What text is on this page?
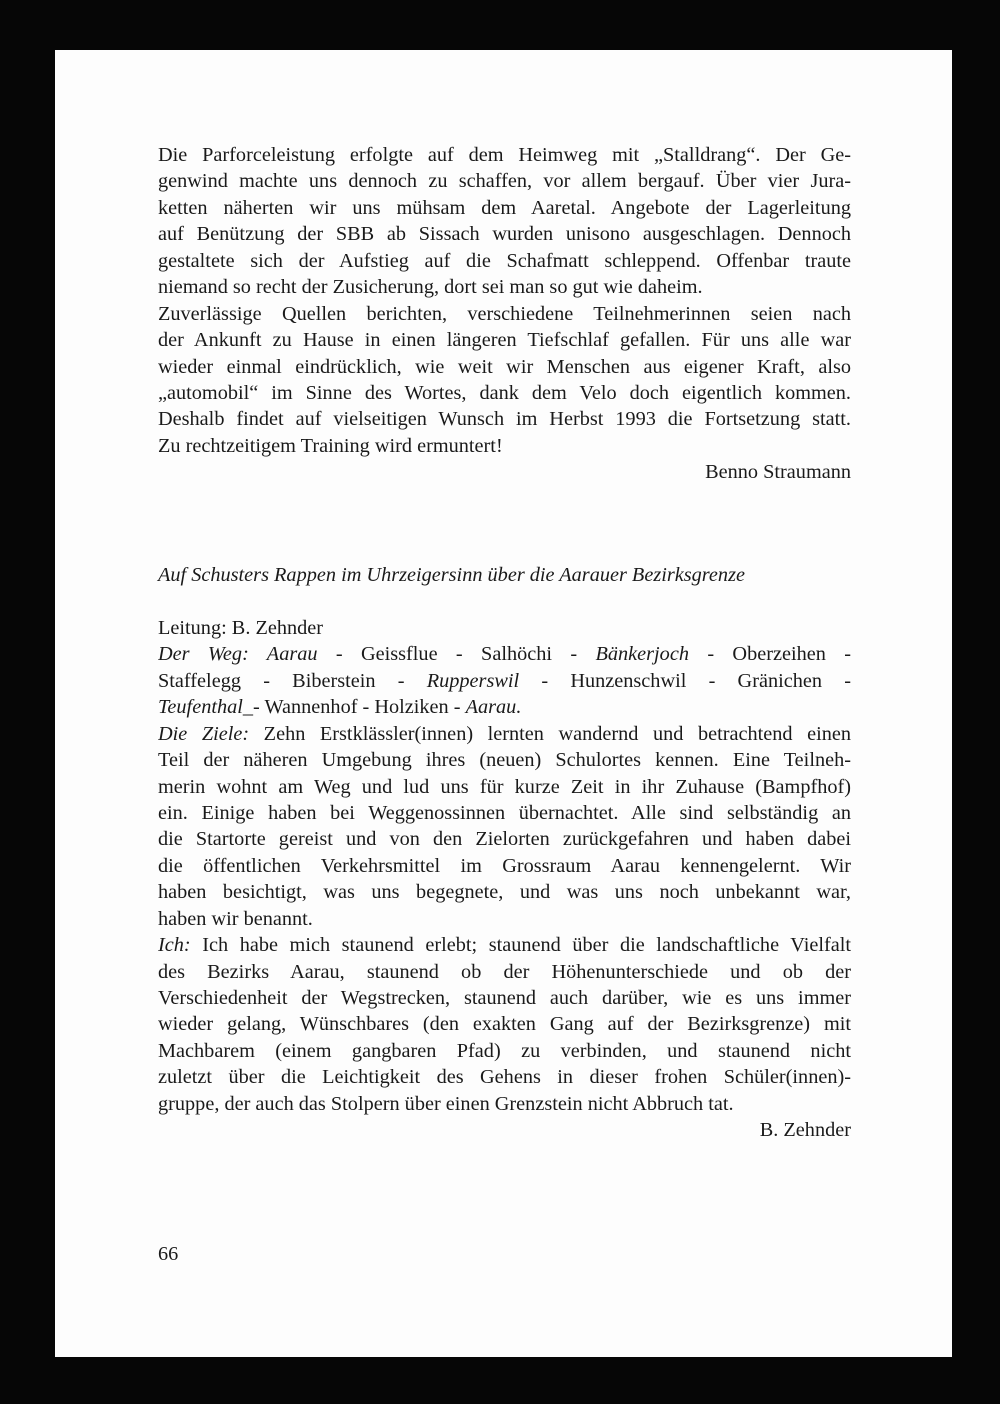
Die Parforceleistung erfolgte auf dem Heimweg mit „Stalldrang“. Der Ge-
genwind machte uns dennoch zu schaffen, vor allem bergauf. Über vier Jura-
ketten näherten wir uns mühsam dem Aaretal. Angebote der Lagerleitung
auf Benützung der SBB ab Sissach wurden unisono ausgeschlagen. Dennoch
gestaltete sich der Aufstieg auf die Schafmatt schleppend. Offenbar traute
niemand so recht der Zusicherung, dort sei man so gut wie daheim.
Zuverlässige Quellen berichten, verschiedene Teilnehmerinnen seien nach
der Ankunft zu Hause in einen längeren Tiefschlaf gefallen. Für uns alle war
wieder einmal eindrücklich, wie weit wir Menschen aus eigener Kraft, also
„automobil“ im Sinne des Wortes, dank dem Velo doch eigentlich kommen.
Deshalb findet auf vielseitigen Wunsch im Herbst 1993 die Fortsetzung statt.
Zu rechtzeitigem Training wird ermuntert!
Benno Straumann
Auf Schusters Rappen im Uhrzeigersinn über die Aarauer Bezirksgrenze
Leitung: B. Zehnder
Der Weg: Aarau - Geissflue - Salhöchi - Bänkerjoch - Oberzeihen -
Staffelegg - Biberstein - Rupperswil - Hunzenschwil - Gränichen -
Teufenthal_- Wannenhof - Holziken - Aarau.
Die Ziele: Zehn Erstklässler(innen) lernten wandernd und betrachtend einen
Teil der näheren Umgebung ihres (neuen) Schulortes kennen. Eine Teilneh-
merin wohnt am Weg und lud uns für kurze Zeit in ihr Zuhause (Bampfhof)
ein. Einige haben bei Weggenossinnen übernachtet. Alle sind selbständig an
die Startorte gereist und von den Zielorten zurückgefahren und haben dabei
die öffentlichen Verkehrsmittel im Grossraum Aarau kennengelernt. Wir
haben besichtigt, was uns begegnete, und was uns noch unbekannt war,
haben wir benannt.
Ich: Ich habe mich staunend erlebt; staunend über die landschaftliche Vielfalt
des Bezirks Aarau, staunend ob der Höhenunterschiede und ob der
Verschiedenheit der Wegstrecken, staunend auch darüber, wie es uns immer
wieder gelang, Wünschbares (den exakten Gang auf der Bezirksgrenze) mit
Machbarem (einem gangbaren Pfad) zu verbinden, und staunend nicht
zuletzt über die Leichtigkeit des Gehens in dieser frohen Schüler(innen)-
gruppe, der auch das Stolpern über einen Grenzstein nicht Abbruch tat.
B. Zehnder
66
